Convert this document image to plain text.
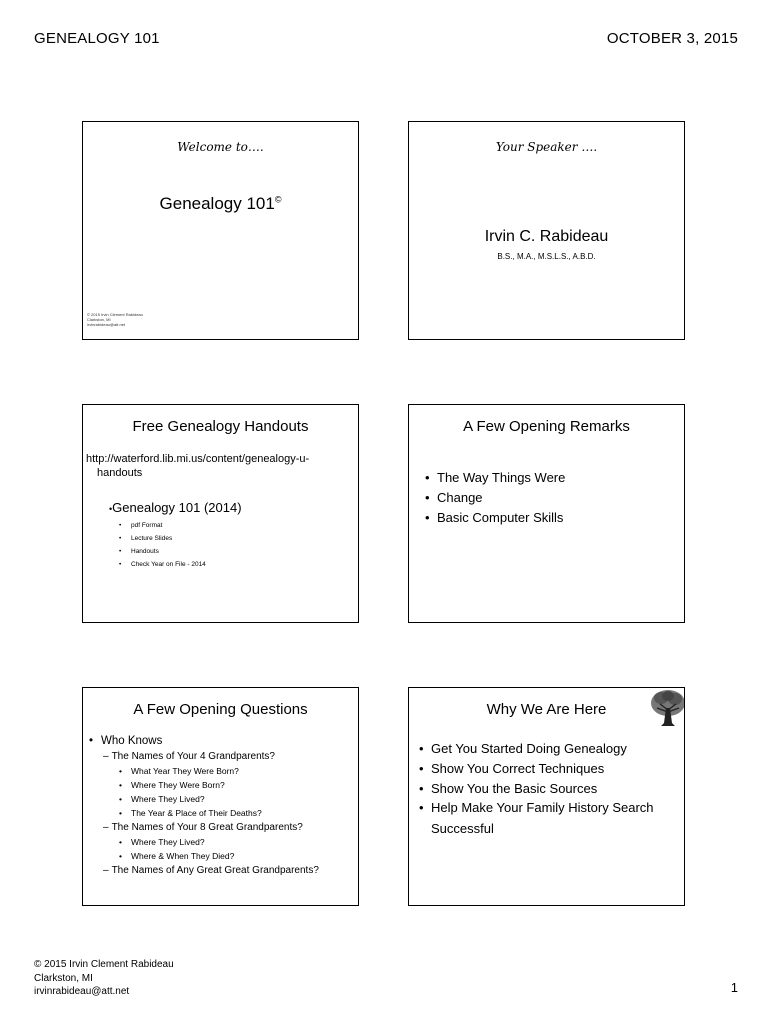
GENEALOGY 101	OCTOBER 3, 2015
Welcome to….
Genealogy 101©
© 2015 Irvin Clement Rabideau
Clarkston, MI
irvinrabideau@att.net
Your Speaker ….
Irvin C. Rabideau
B.S., M.A., M.S.L.S., A.B.D.
Free Genealogy Handouts
http://waterford.lib.mi.us/content/genealogy-u-
handouts
•Genealogy 101 (2014)
• pdf Format
• Lecture Slides
• Handouts
• Check Year on File - 2014
A Few Opening Remarks
• The Way Things Were
• Change
• Basic Computer Skills
A Few Opening Questions
• Who Knows
– The Names of Your 4 Grandparents?
• What Year They Were Born?
• Where They Were Born?
• Where They Lived?
• The Year & Place of Their Deaths?
– The Names of Your 8 Great Grandparents?
• Where They Lived?
• Where & When They Died?
– The Names of Any Great Great Grandparents?
Why We Are Here
• Get You Started Doing Genealogy
• Show You Correct Techniques
• Show You the Basic Sources
• Help Make Your Family History Search
Successful
© 2015 Irvin Clement Rabideau
Clarkston, MI
irvinrabideau@att.net	1
